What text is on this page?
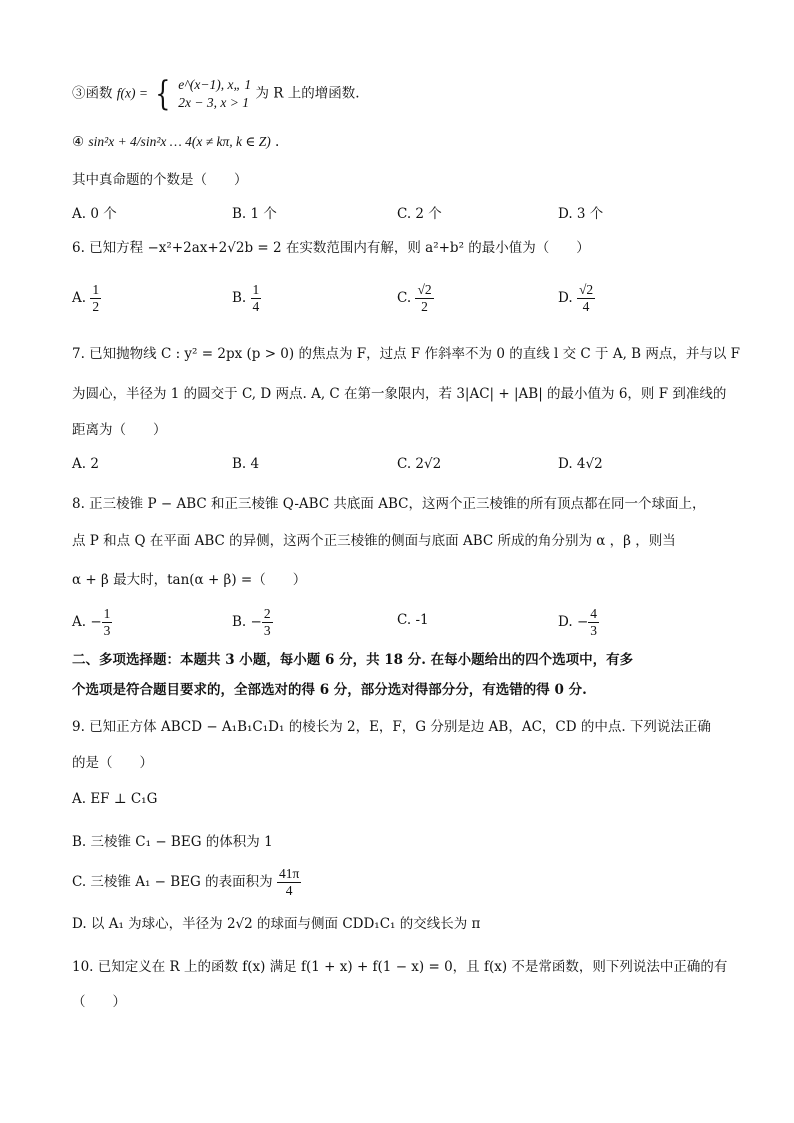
③函数 f(x) = { e^(x−1), x„ 1
2x − 3, x > 1
为 R 上的增函数.
④ sin²x + 4/sin²x … 4(x ≠ kπ, k ∈ Z) .
其中真命题的个数是（　　）
A. 0 个	B. 1 个	C. 2 个	D. 3 个
6. 已知方程 −x²+2ax+2√2b = 2 在实数范围内有解，则 a²+b² 的最小值为（　　）
A. $\frac{1}{2}$	B. $\frac{1}{4}$	C. $\frac{√2}{2}$	D. $\frac{√2}{4}$
7. 已知抛物线 C : y² = 2px (p > 0) 的焦点为 F，过点 F 作斜率不为 0 的直线 l 交 C 于 A, B 两点，并与以 F
为圆心，半径为 1 的圆交于 C, D 两点. A, C 在第一象限内，若 3|AC| + |AB| 的最小值为 6，则 F 到准线的
距离为（　　）
A. 2	B. 4	C. 2√2	D. 4√2
8. 正三棱锥 P − ABC 和正三棱锥 Q-ABC 共底面 ABC，这两个正三棱锥的所有顶点都在同一个球面上，
点 P 和点 Q 在平面 ABC 的异侧，这两个正三棱锥的侧面与底面 ABC 所成的角分别为 α ，β ，则当
α + β 最大时，tan(α + β) =（　　）
A. − $\frac{1}{3}$	B. − $\frac{2}{3}$	C. -1	D. − $\frac{4}{3}$
二、多项选择题：本题共 3 小题，每小题 6 分，共 18 分. 在每小题给出的四个选项中，有多
个选项是符合题目要求的，全部选对的得 6 分，部分选对得部分分，有选错的得 0 分.
9. 已知正方体 ABCD − A₁B₁C₁D₁ 的棱长为 2，E，F，G 分别是边 AB，AC，CD 的中点. 下列说法正确
的是（　　）
A. EF ⊥ C₁G
B. 三棱锥 C₁ − BEG 的体积为 1
C. 三棱锥 A₁ − BEG 的表面积为 $\frac{41\pi}{4}$
D. 以 A₁ 为球心，半径为 2√2 的球面与侧面 CDD₁C₁ 的交线长为 π
10. 已知定义在 R 上的函数 f(x) 满足 f(1 + x) + f(1 − x) = 0，且 f(x) 不是常函数，则下列说法中正确的有
（　　）
